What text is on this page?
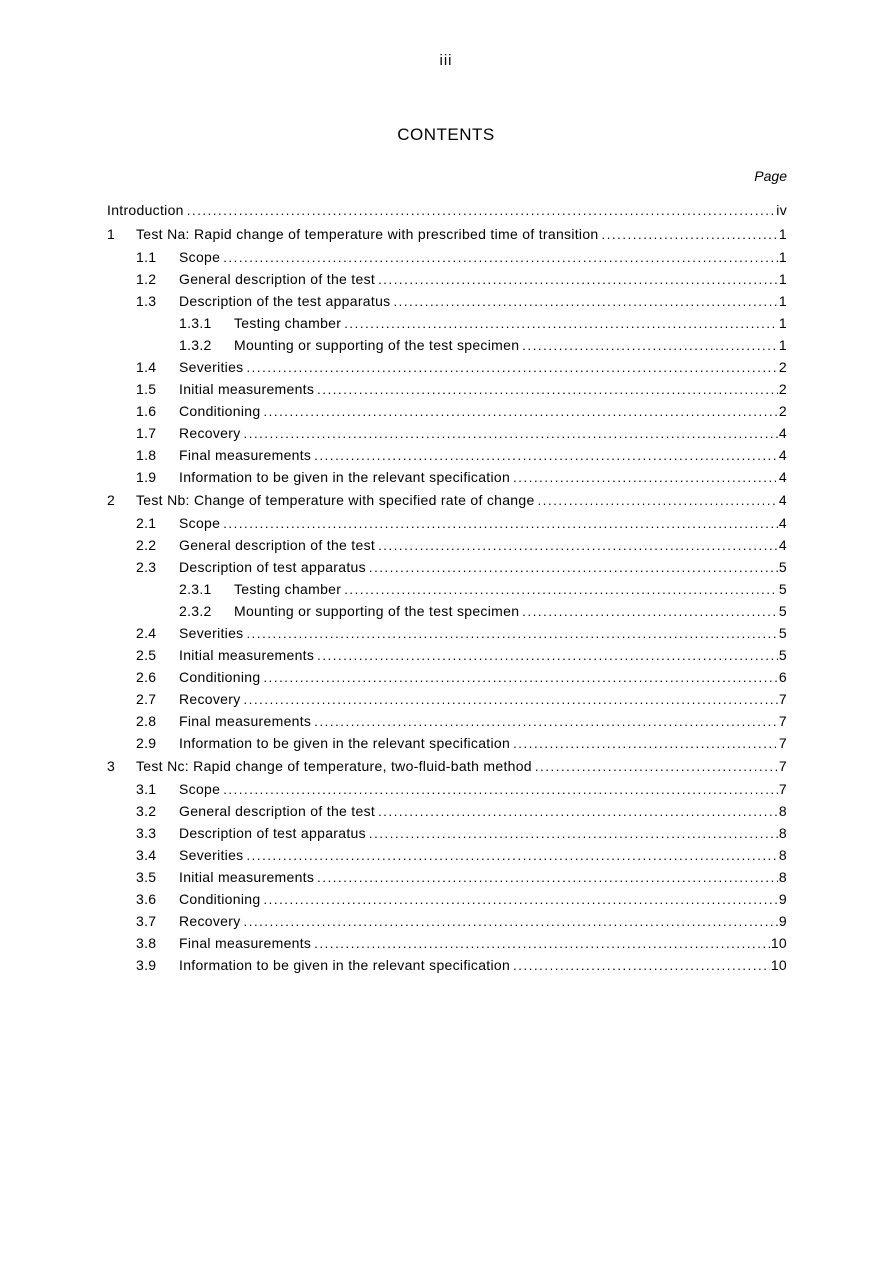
iii
CONTENTS
Page
Introduction .....	iv
1	Test Na: Rapid change of temperature with prescribed time of transition .....	1
1.1	Scope .....	1
1.2	General description of the test .....	1
1.3	Description of the test apparatus .....	1
1.3.1	Testing chamber .....	1
1.3.2	Mounting or supporting of the test specimen .....	1
1.4	Severities .....	2
1.5	Initial measurements .....	2
1.6	Conditioning .....	2
1.7	Recovery .....	4
1.8	Final measurements .....	4
1.9	Information to be given in the relevant specification .....	4
2	Test Nb: Change of temperature with specified rate of change .....	4
2.1	Scope .....	4
2.2	General description of the test .....	4
2.3	Description of test apparatus .....	5
2.3.1	Testing chamber .....	5
2.3.2	Mounting or supporting of the test specimen .....	5
2.4	Severities .....	5
2.5	Initial measurements .....	5
2.6	Conditioning .....	6
2.7	Recovery .....	7
2.8	Final measurements .....	7
2.9	Information to be given in the relevant specification .....	7
3	Test Nc: Rapid change of temperature, two-fluid-bath method .....	7
3.1	Scope .....	7
3.2	General description of the test .....	8
3.3	Description of test apparatus .....	8
3.4	Severities .....	8
3.5	Initial measurements .....	8
3.6	Conditioning .....	9
3.7	Recovery .....	9
3.8	Final measurements .....	10
3.9	Information to be given in the relevant specification .....	10
